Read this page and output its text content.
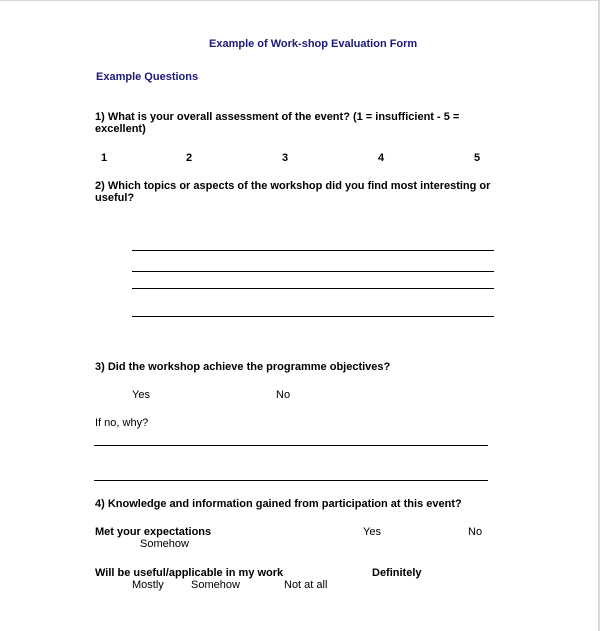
Example of Work-shop Evaluation Form
Example Questions
1) What is your overall assessment of the event? (1 = insufficient - 5 =
excellent)
1	2	3	4	5
2) Which topics or aspects of the workshop did you find most interesting or
useful?
3) Did the workshop achieve the programme objectives?
Yes	No
If no, why?
4) Knowledge and information gained from participation at this event?
Met your expectations	Yes	No
Somehow
Will be useful/applicable in my work	Definitely
Mostly Somehow	Not at all
